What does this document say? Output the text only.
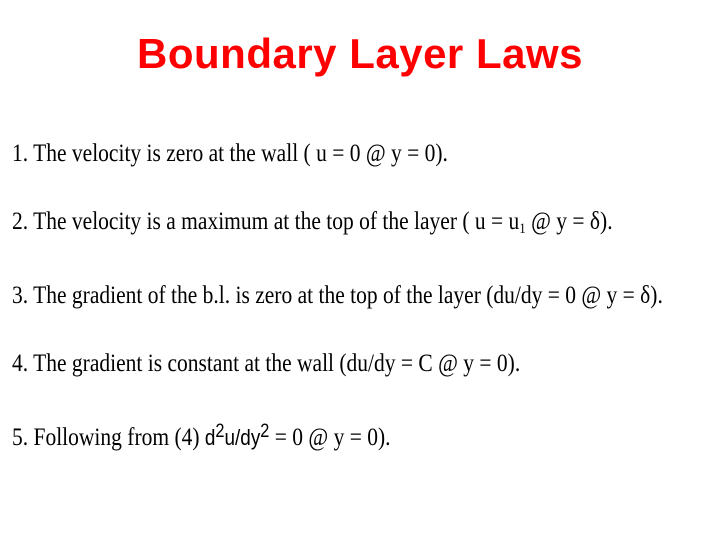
Boundary Layer Laws

1. The velocity is zero at the wall ( u = 0 @ y = 0).

2. The velocity is a maximum at the top of the layer ( $u = u_1$ @ y = δ).

3. The gradient of the b.l. is zero at the top of the layer (du/dy = 0 @ y = δ).

4. The gradient is constant at the wall (du/dy = C @ y = 0).

5. Following from (4) d2u/dy2 = 0 @ y = 0).
